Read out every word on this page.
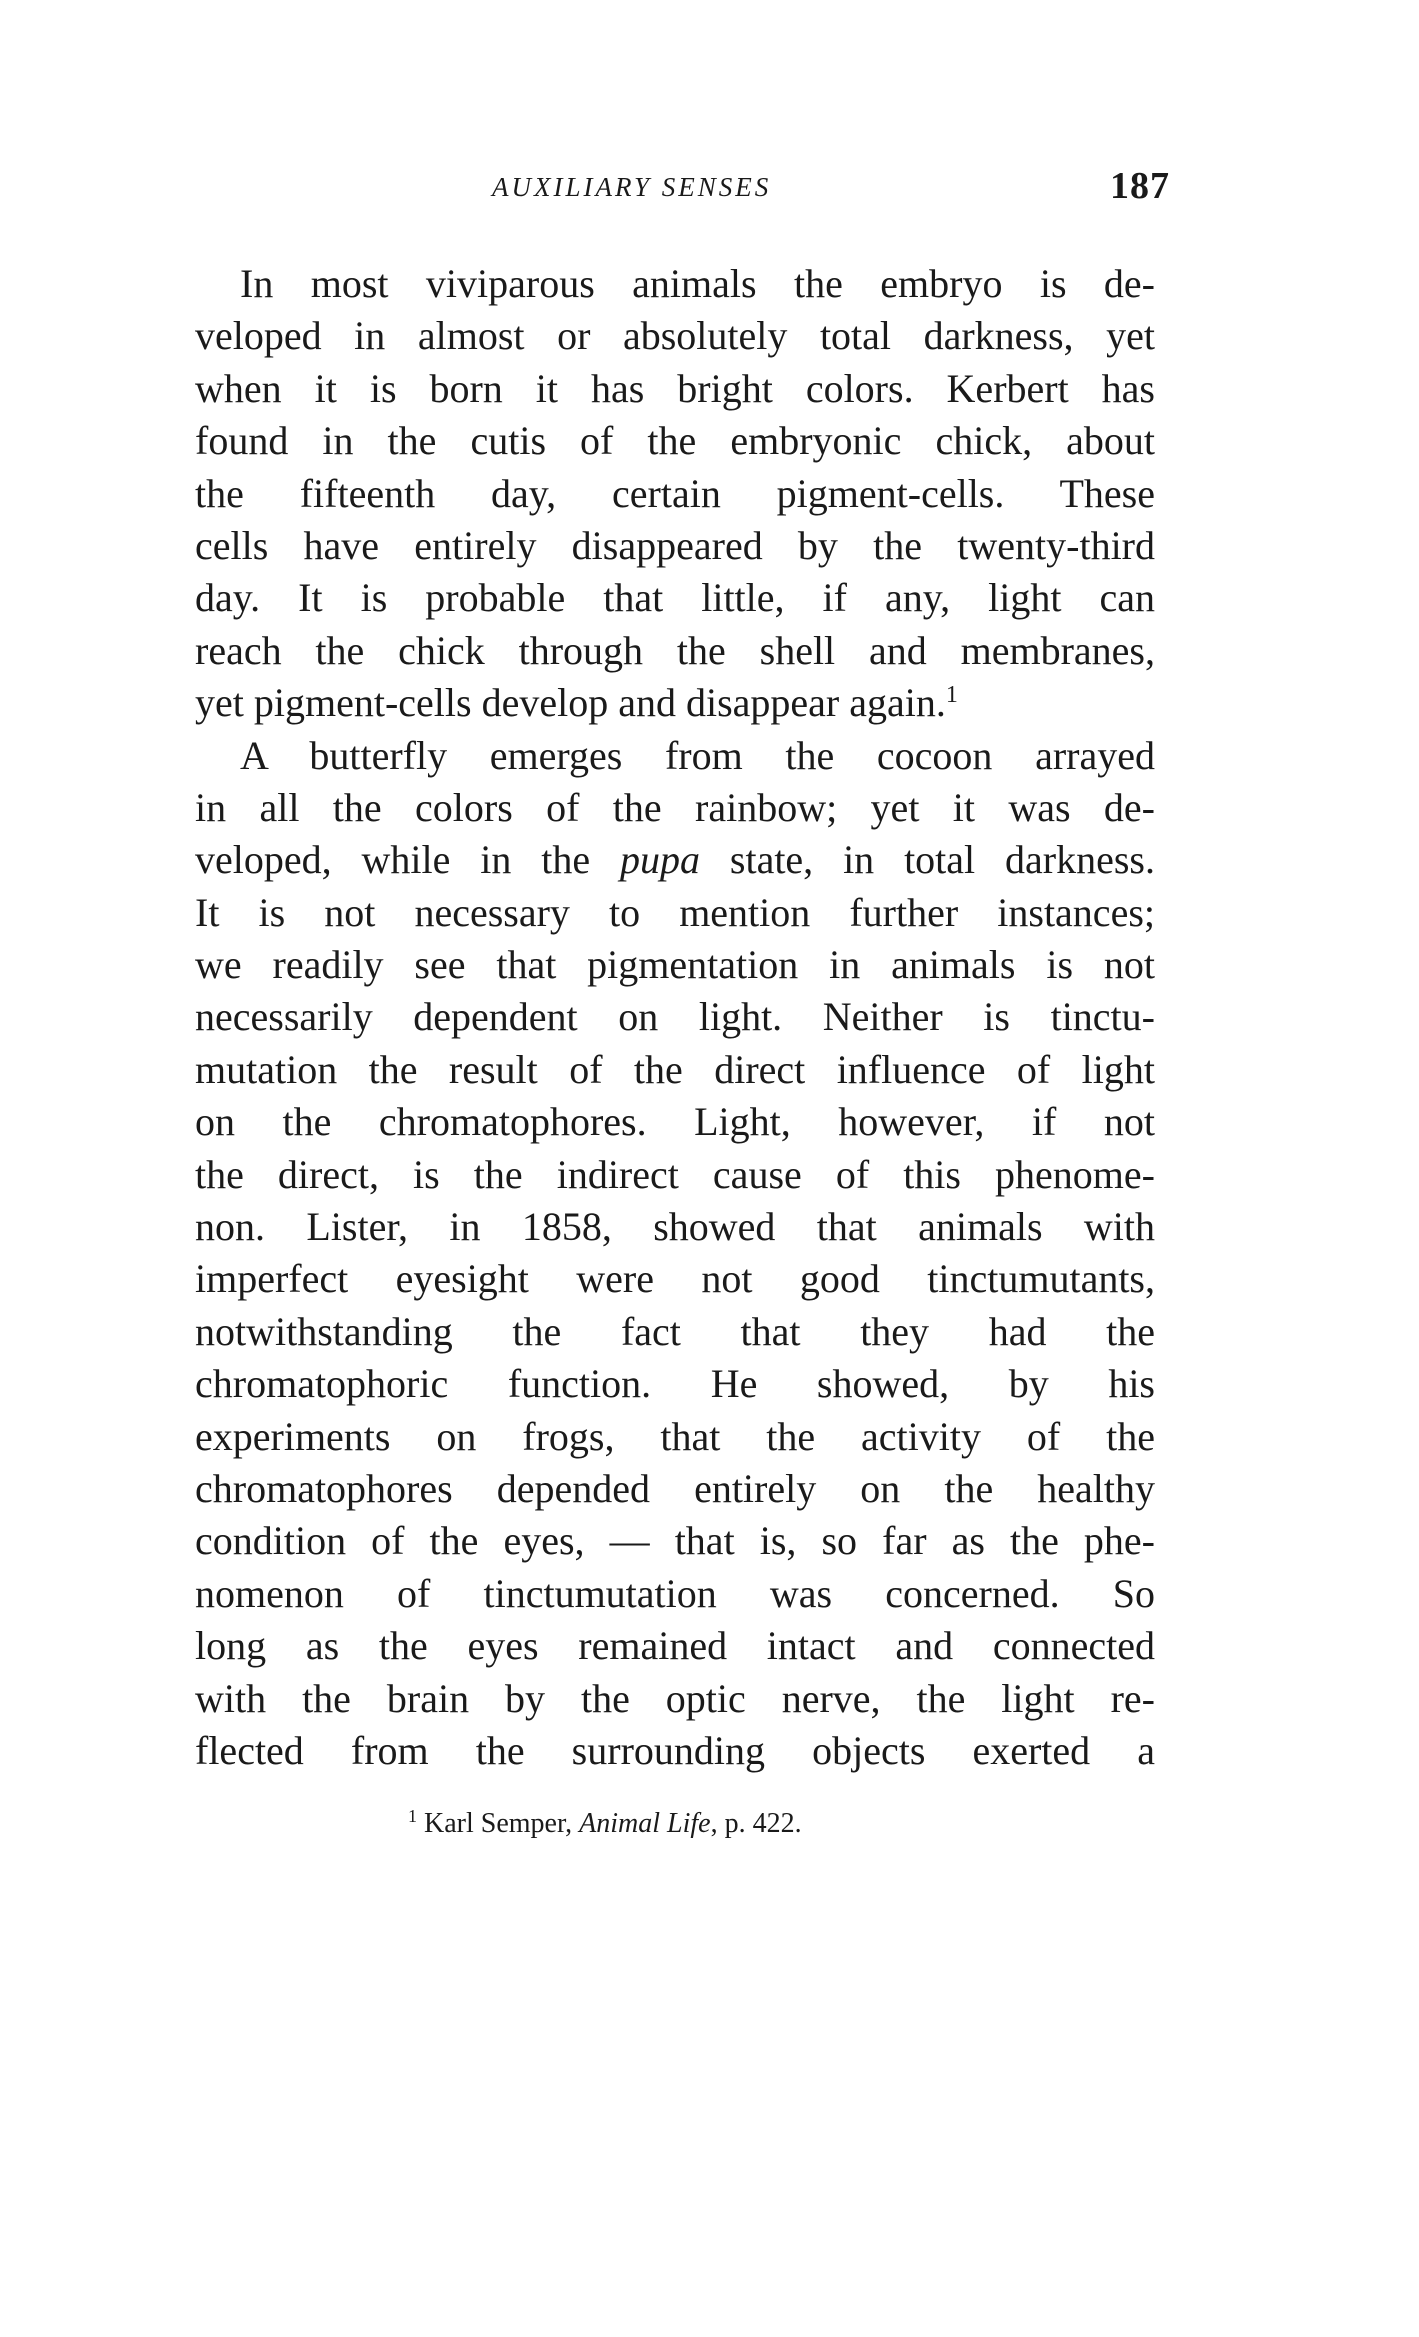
AUXILIARY SENSES	187
In most viviparous animals the embryo is de-
veloped in almost or absolutely total darkness, yet
when it is born it has bright colors. Kerbert has
found in the cutis of the embryonic chick, about
the fifteenth day, certain pigment-cells. These
cells have entirely disappeared by the twenty-third
day. It is probable that little, if any, light can
reach the chick through the shell and membranes,
yet pigment-cells develop and disappear again.$^1$
A butterfly emerges from the cocoon arrayed
in all the colors of the rainbow; yet it was de-
veloped, while in the pupa state, in total darkness.
It is not necessary to mention further instances;
we readily see that pigmentation in animals is not
necessarily dependent on light. Neither is tinctu-
mutation the result of the direct influence of light
on the chromatophores. Light, however, if not
the direct, is the indirect cause of this phenome-
non. Lister, in 1858, showed that animals with
imperfect eyesight were not good tinctumutants,
notwithstanding the fact that they had the
chromatophoric function. He showed, by his
experiments on frogs, that the activity of the
chromatophores depended entirely on the healthy
condition of the eyes, — that is, so far as the phe-
nomenon of tinctumutation was concerned. So
long as the eyes remained intact and connected
with the brain by the optic nerve, the light re-
flected from the surrounding objects exerted a
$^1$ Karl Semper, Animal Life, p. 422.
